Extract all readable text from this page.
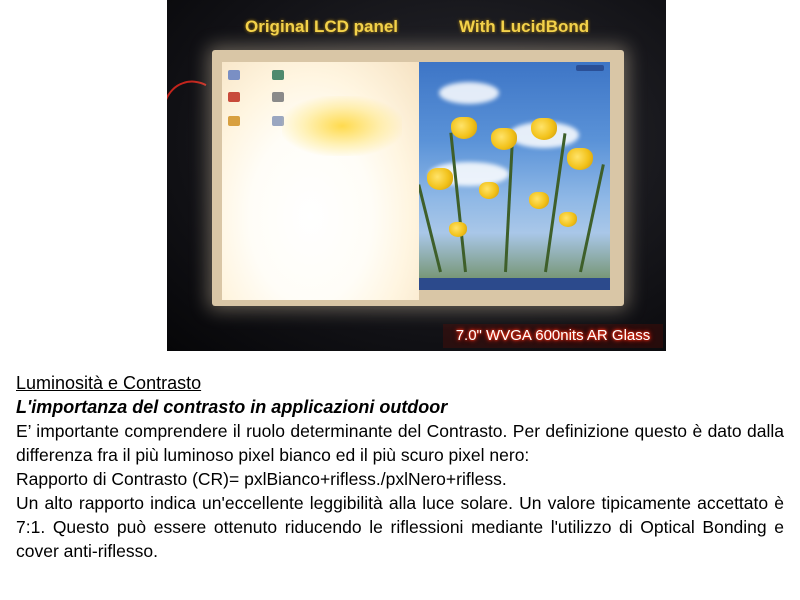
Original LCD panel	With LucidBond
7.0" WVGA 600nits AR Glass
Luminosità e Contrasto
L'importanza del contrasto in applicazioni outdoor

E’ importante comprendere il ruolo determinante del Contrasto. Per definizione questo è dato dalla differenza fra il più luminoso pixel bianco ed il più scuro pixel nero:

Rapporto di Contrasto (CR)= pxlBianco+rifless./pxlNero+rifless.

Un alto rapporto indica un'eccellente leggibilità alla luce solare. Un valore tipicamente accettato è 7:1. Questo può essere ottenuto riducendo le riflessioni mediante l'utilizzo di Optical Bonding e cover anti-riflesso.
